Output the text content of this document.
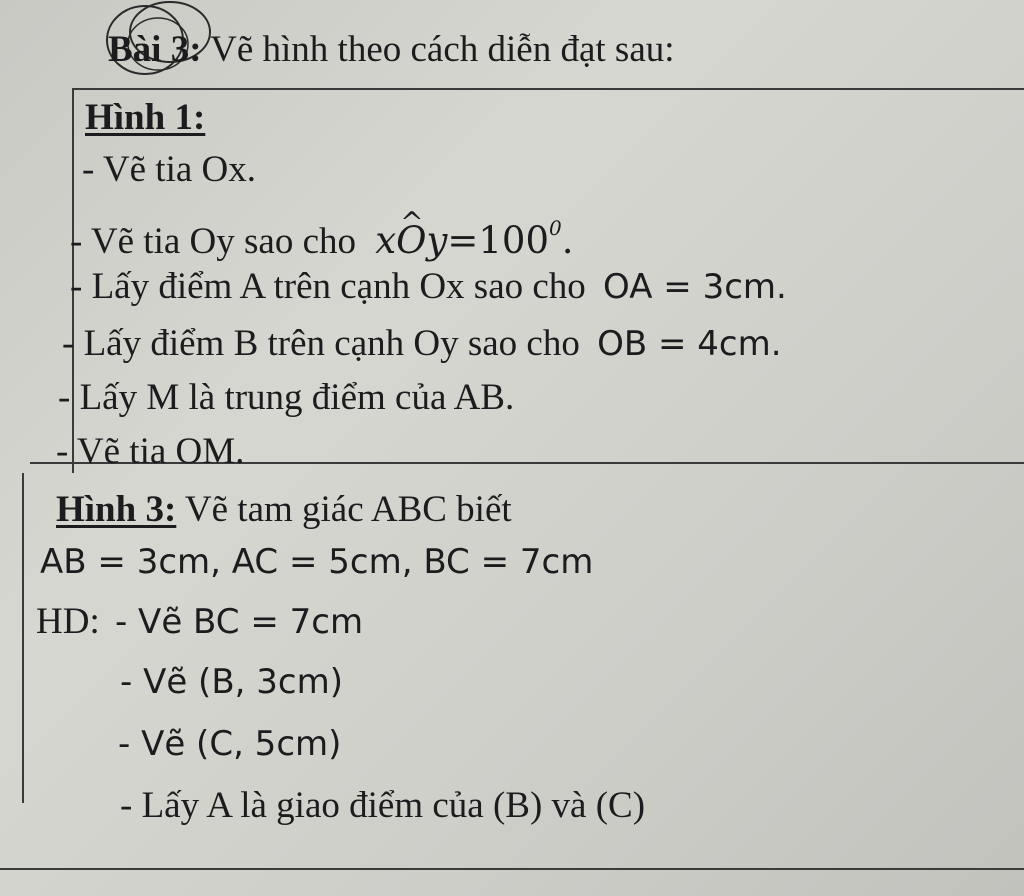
Bài 3: Vẽ hình theo cách diễn đạt sau:
Hình 1:
- Vẽ tia Ox.
- Vẽ tia Oy sao cho x^ $Oy=100^0$.
- Lấy điểm A trên cạnh Ox sao cho OA = 3cm.
- Lấy điểm B trên cạnh Oy sao cho OB = 4cm.
- Lấy M là trung điểm của AB.
- Vẽ tia OM.
Hình 3: Vẽ tam giác ABC biết
AB = 3cm, AC = 5cm, BC = 7cm
HD: - Vẽ BC = 7cm
- Vẽ (B, 3cm)
- Vẽ (C, 5cm)
- Lấy A là giao điểm của (B) và (C)
